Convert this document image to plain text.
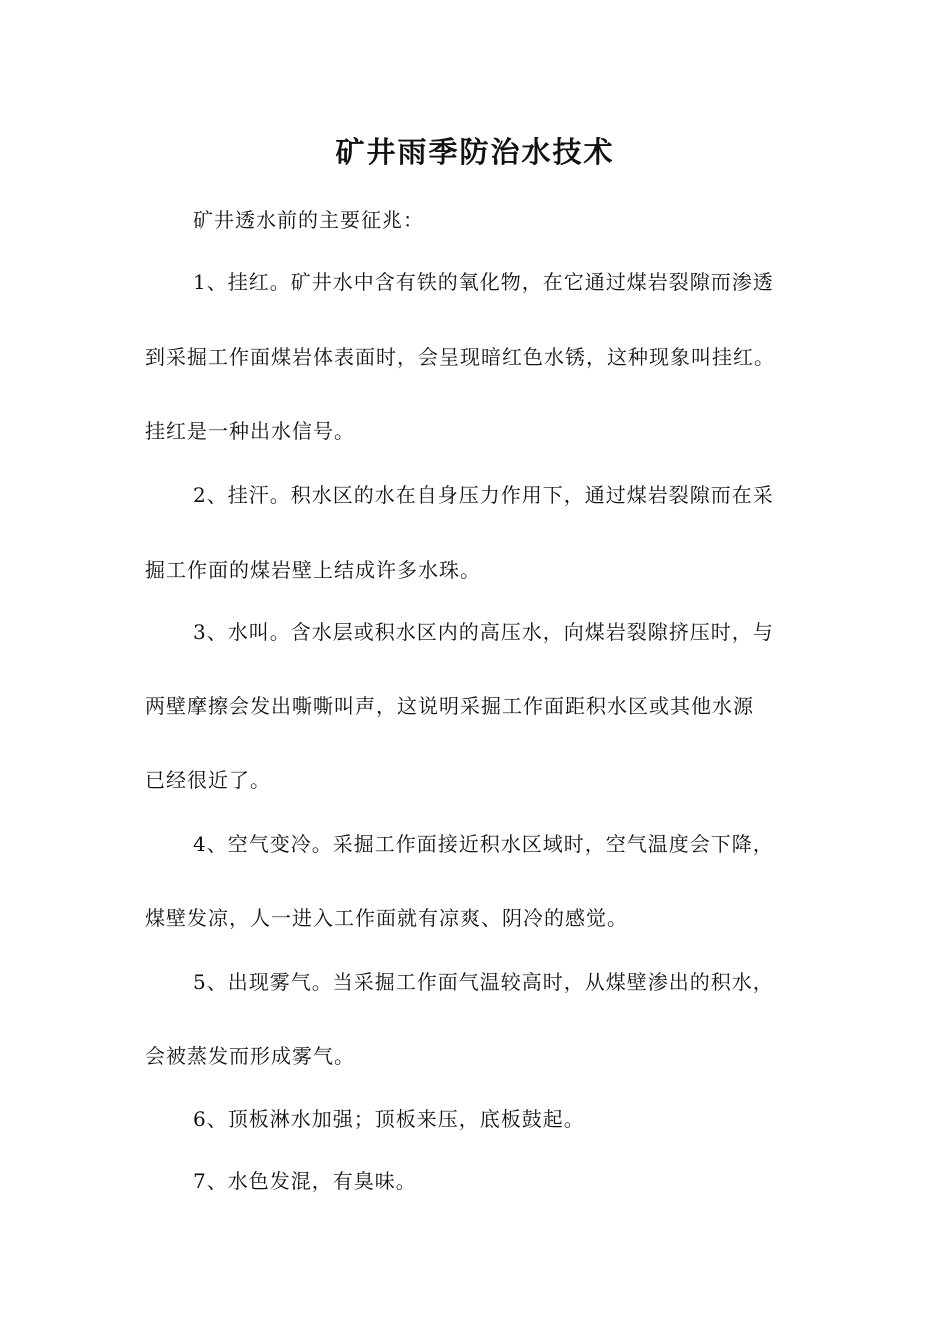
矿井雨季防治水技术
矿井透水前的主要征兆：
1、挂红。矿井水中含有铁的氧化物，在它通过煤岩裂隙而渗透
到采掘工作面煤岩体表面时，会呈现暗红色水锈，这种现象叫挂红。
挂红是一种出水信号。
2、挂汗。积水区的水在自身压力作用下，通过煤岩裂隙而在采
掘工作面的煤岩壁上结成许多水珠。
3、水叫。含水层或积水区内的高压水，向煤岩裂隙挤压时，与
两壁摩擦会发出嘶嘶叫声，这说明采掘工作面距积水区或其他水源
已经很近了。
4、空气变冷。采掘工作面接近积水区域时，空气温度会下降，
煤壁发凉，人一进入工作面就有凉爽、阴冷的感觉。
5、出现雾气。当采掘工作面气温较高时，从煤壁渗出的积水，
会被蒸发而形成雾气。
6、顶板淋水加强；顶板来压，底板鼓起。
7、水色发混，有臭味。
